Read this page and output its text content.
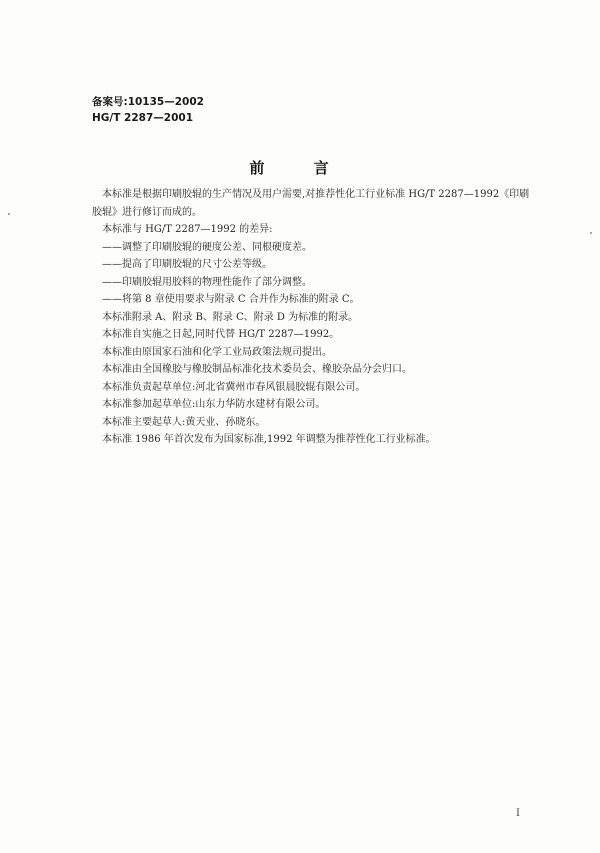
备案号:10135—2002
HG/T 2287—2001
前 言

本标准是根据印刷胶辊的生产情况及用户需要,对推荐性化工行业标准 HG/T 2287—1992《印刷胶辊》进行修订而成的。

本标准与 HG/T 2287—1992 的差异:

——调整了印刷胶辊的硬度公差、同根硬度差。

——提高了印刷胶辊的尺寸公差等级。

——印刷胶辊用胶料的物理性能作了部分调整。

——将第 8 章使用要求与附录 C 合并作为标准的附录 C。

本标准附录 A、附录 B、附录 C、附录 D 为标准的附录。

本标准自实施之日起,同时代替 HG/T 2287—1992。

本标准由原国家石油和化学工业局政策法规司提出。

本标准由全国橡胶与橡胶制品标准化技术委员会、橡胶杂品分会归口。

本标准负责起草单位:河北省冀州市春风银晨胶辊有限公司。

本标准参加起草单位:山东力华防水建材有限公司。

本标准主要起草人:黄天业、孙晓东。

本标准 1986 年首次发布为国家标准,1992 年调整为推荐性化工行业标准。

I
